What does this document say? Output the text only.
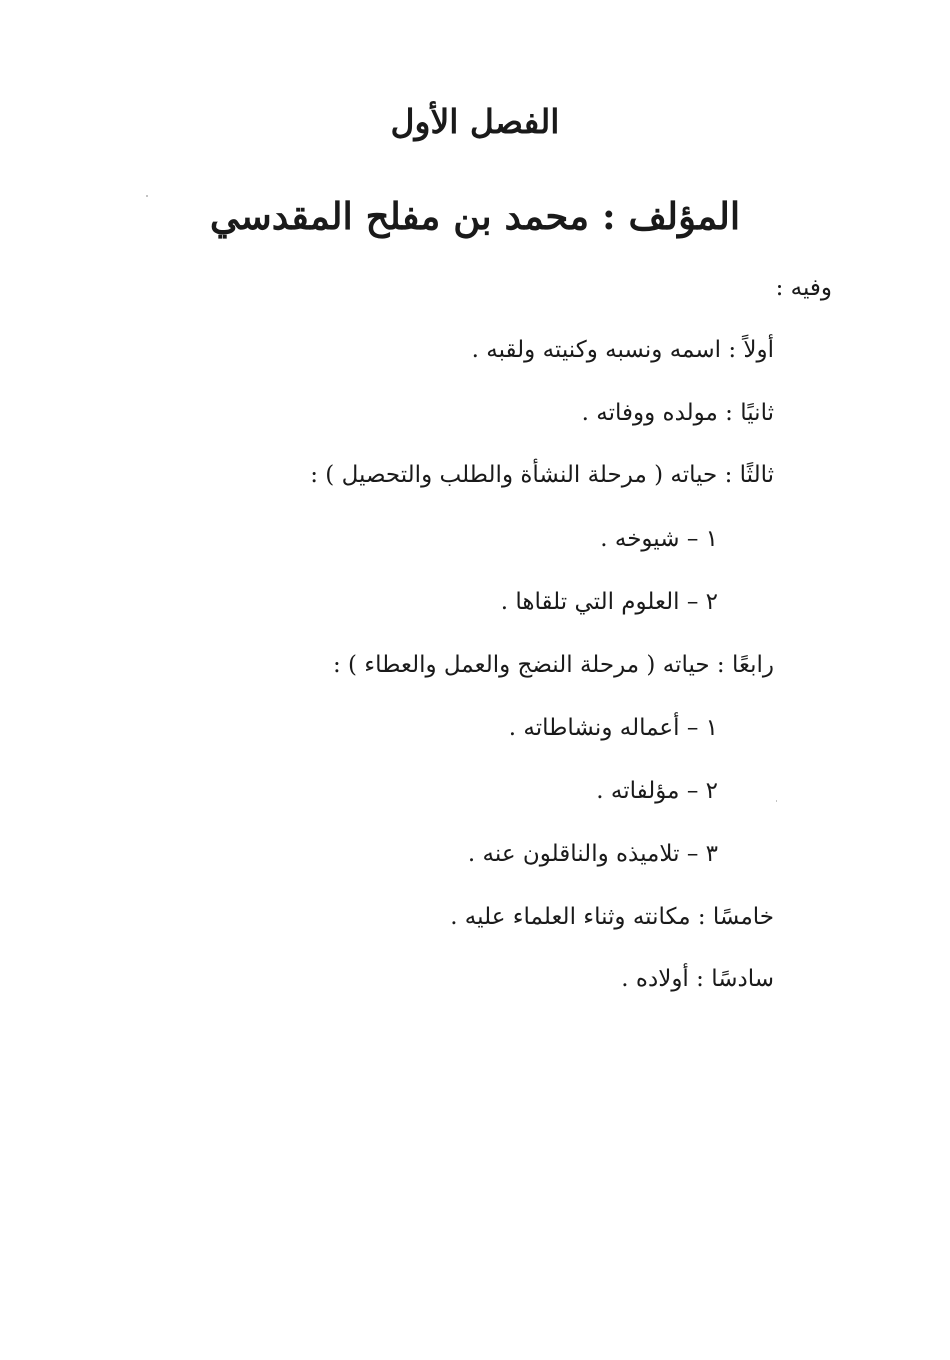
الفصل الأول
المؤلف : محمد بن مفلح المقدسي

وفيه :

أولاً : اسمه ونسبه وكنيته ولقبه .

ثانيًا : مولده ووفاته .

ثالثًا : حياته ( مرحلة النشأة والطلب والتحصيل ) :

١ – شيوخه .

٢ – العلوم التي تلقاها .

رابعًا : حياته ( مرحلة النضج والعمل والعطاء ) :

١ – أعماله ونشاطاته .

٢ – مؤلفاته .

٣ – تلاميذه والناقلون عنه .

خامسًا : مكانته وثناء العلماء عليه .

سادسًا : أولاده .
